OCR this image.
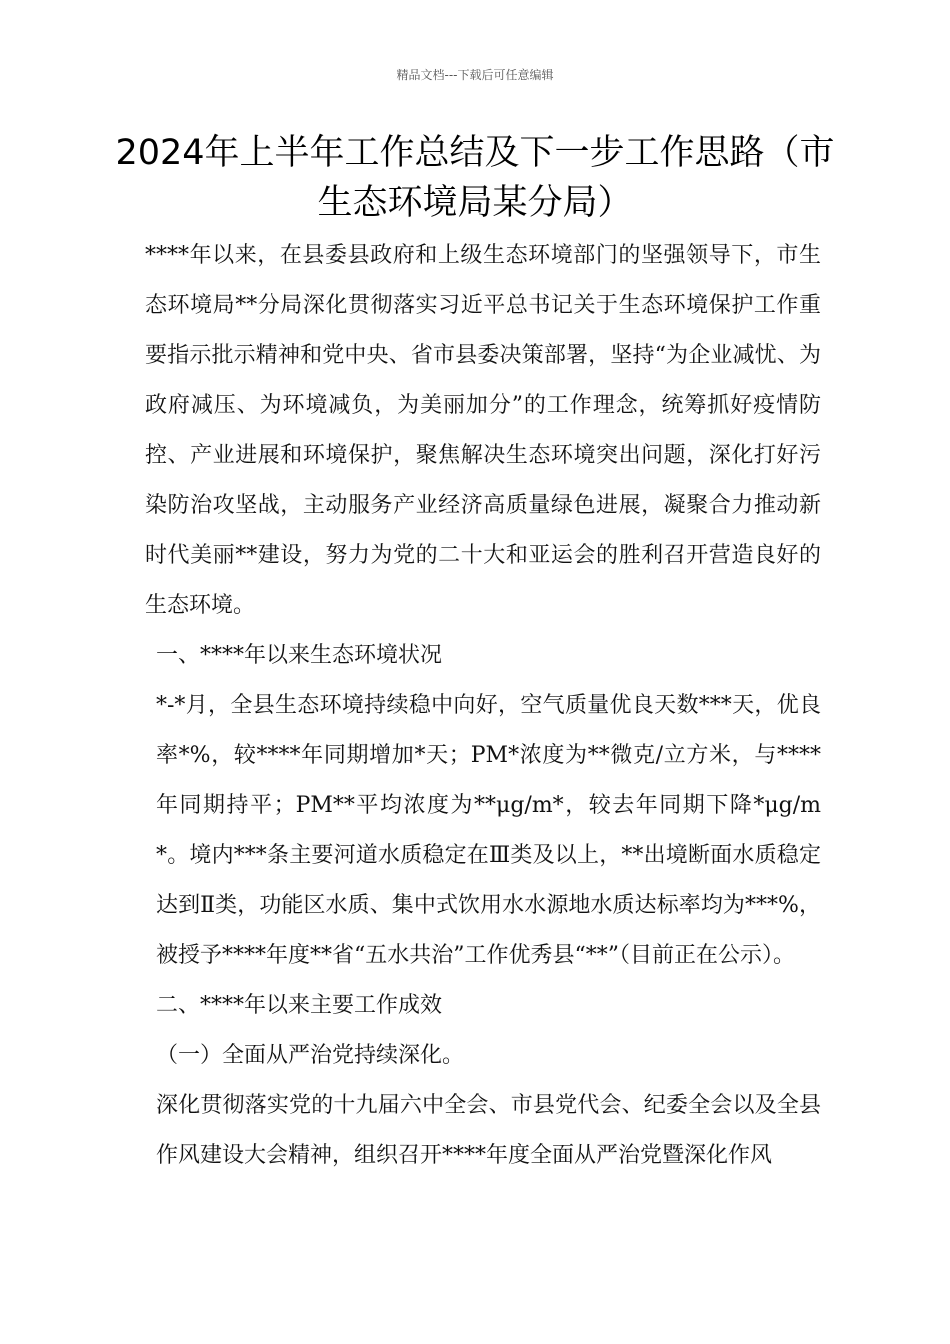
精品文档---下载后可任意编辑
2024年上半年工作总结及下一步工作思路（市生态环境局某分局）

****年以来，在县委县政府和上级生态环境部门的坚强领导下，市生态环境局**分局深化贯彻落实习近平总书记关于生态环境保护工作重要指示批示精神和党中央、省市县委决策部署，坚持“为企业减忧、为政府减压、为环境减负，为美丽加分”的工作理念，统筹抓好疫情防控、产业进展和环境保护，聚焦解决生态环境突出问题，深化打好污染防治攻坚战，主动服务产业经济高质量绿色进展，凝聚合力推动新时代美丽**建设，努力为党的二十大和亚运会的胜利召开营造良好的生态环境。

一、****年以来生态环境状况

*-*月，全县生态环境持续稳中向好，空气质量优良天数***天，优良率*%，较****年同期增加*天；PM*浓度为**微克/立方米，与****年同期持平；PM**平均浓度为**μg/m*，较去年同期下降*μg/m*。境内***条主要河道水质稳定在Ⅲ类及以上，**出境断面水质稳定达到Ⅱ类，功能区水质、集中式饮用水水源地水质达标率均为***%，被授予****年度**省“五水共治”工作优秀县“**”（目前正在公示）。

二、****年以来主要工作成效

（一）全面从严治党持续深化。

深化贯彻落实党的十九届六中全会、市县党代会、纪委全会以及全县作风建设大会精神，组织召开****年度全面从严治党暨深化作风
